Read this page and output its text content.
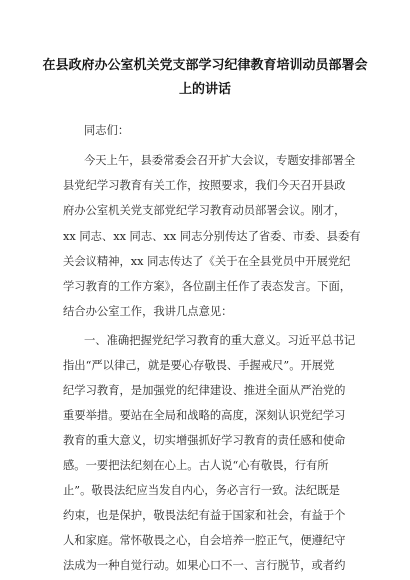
在县政府办公室机关党支部学习纪律教育培训动员部署会
上的讲话

同志们：

今天上午，县委常委会召开扩大会议，专题安排部署全

县党纪学习教育有关工作，按照要求，我们今天召开县政

府办公室机关党支部党纪学习教育动员部署会议。刚才，

xx 同志、xx 同志、xx 同志分别传达了省委、市委、县委有

关会议精神，xx 同志传达了《关于在全县党员中开展党纪

学习教育的工作方案》，各位副主任作了表态发言。下面，

结合办公室工作，我讲几点意见：

一、准确把握党纪学习教育的重大意义。习近平总书记

指出“严以律己，就是要心存敬畏、手握戒尺”。开展党

纪学习教育，是加强党的纪律建设、推进全面从严治党的

重要举措。要站在全局和战略的高度，深刻认识党纪学习

教育的重大意义，切实增强抓好学习教育的责任感和使命

感。一要把法纪刻在心上。古人说“心有敬畏，行有所

止”。敬畏法纪应当发自内心，务必言行一致。法纪既是

约束，也是保护，敬畏法纪有益于国家和社会，有益于个

人和家庭。常怀敬畏之心，自会培养一腔正气，便遵纪守

法成为一种自觉行动。如果心口不一、言行脱节，或者约
